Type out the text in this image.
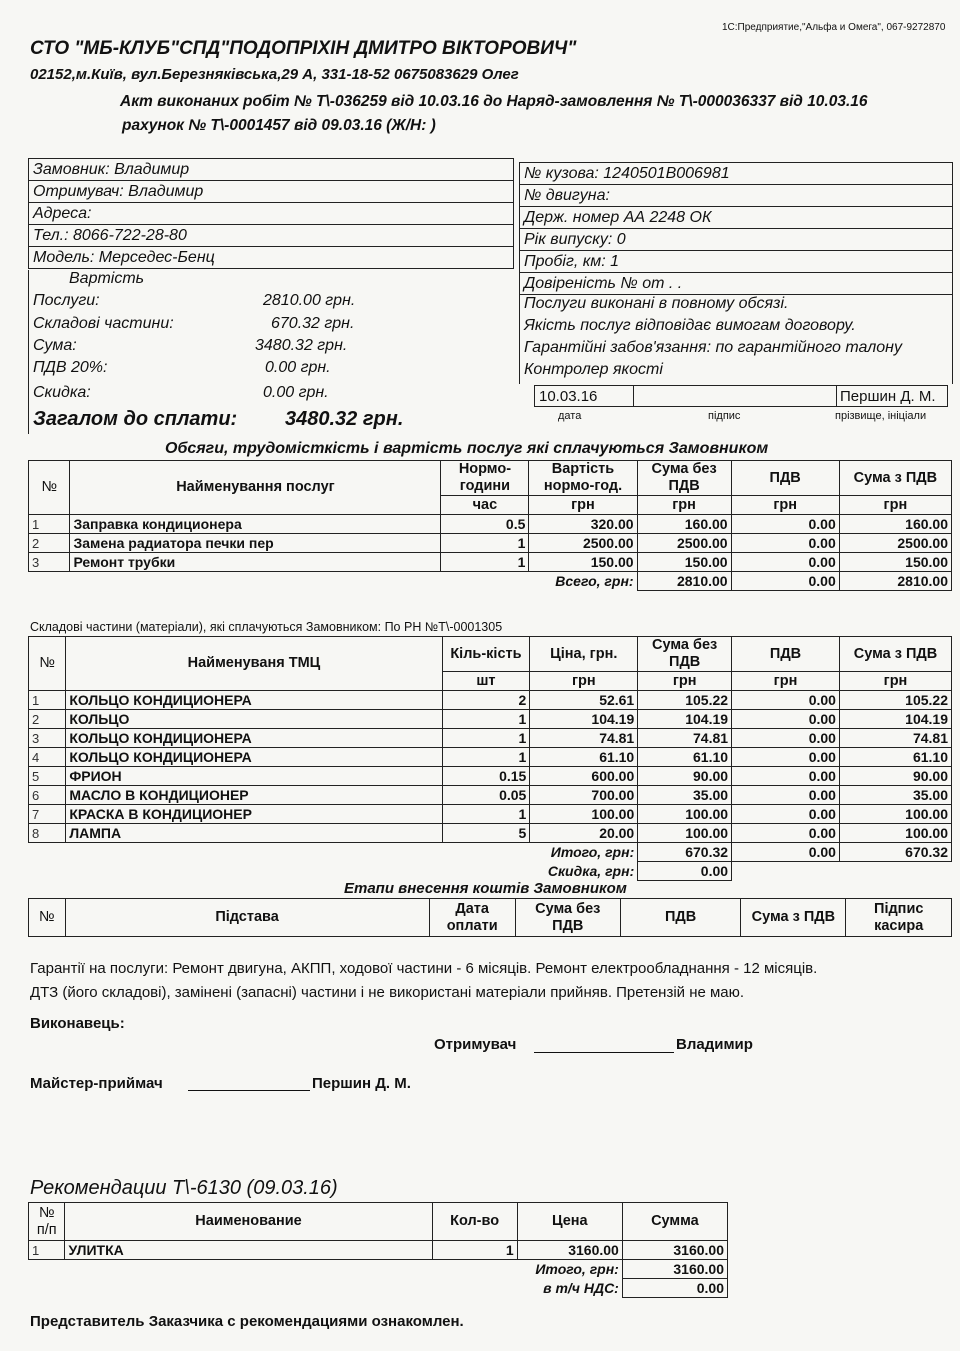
1С:Предприятие,"Альфа и Омега", 067-9272870
СТО "МБ-КЛУБ"СПД"ПОДОПРІХІН ДМИТРО ВІКТОРОВИЧ"
02152,м.Київ, вул.Березняківська,29 А, 331-18-52 0675083629 Олег
Акт виконаних робіт № Т\-036259 від 10.03.16 до Наряд-замовлення № Т\-000036337 від 10.03.16
рахунок № Т\-0001457 від 09.03.16 (Ж/Н: )
Замовник: Владимир
Отримувач: Владимир
Адреса:
Тел.: 8066-722-28-80
Модель: Мерседес-Бенц
№ кузова: 1240501В006981
№ двигуна:
Держ. номер АА 2248 ОК
Рік випуску: 0
Пробіг, км: 1
Довіреність № от . .
Вартість
Послуги:	2810.00 грн.
Складові частини:	670.32 грн.
Сума:	3480.32 грн.
ПДВ 20%:	0.00 грн.
Скидка:	0.00 грн.
Загалом до сплати: 3480.32 грн.
Послуги виконані в повному обсязі.
Якість послуг відповідає вимогам договору.
Гарантійні забов'язання: по гарантійного талону
Контролер якості
10.03.16		Першин Д. М.
дата	підпис	прізвище, ініціали
Обсяги, трудомісткість і вартість послуг які сплачуються Замовником
№	Найменування послуг	Нормо-години	Вартість нормо-год.	Сума без ПДВ	ПДВ	Сума з ПДВ

		час	грн	грн	грн	грн
1	Заправка кондиционера	0.5	320.00	160.00	0.00	160.00
2	Замена радиатора печки пер	1	2500.00	2500.00	0.00	2500.00
3	Ремонт трубки	1	150.00	150.00	0.00	150.00
		Всего, грн:		2810.00	0.00	2810.00
Складові частини (матеріали), які сплачуються Замовником: По РН №Т\-0001305
№	Найменуваня ТМЦ	Кіль-кість	Ціна, грн.	Сума без ПДВ	ПДВ	Сума з ПДВ

		шт	грн	грн	грн	грн
1	КОЛЬЦО КОНДИЦИОНЕРА	2	52.61	105.22	0.00	105.22
2	КОЛЬЦО	1	104.19	104.19	0.00	104.19
3	КОЛЬЦО КОНДИЦИОНЕРА	1	74.81	74.81	0.00	74.81
4	КОЛЬЦО КОНДИЦИОНЕРА	1	61.10	61.10	0.00	61.10
5	ФРИОН	0.15	600.00	90.00	0.00	90.00
6	МАСЛО В КОНДИЦИОНЕР	0.05	700.00	35.00	0.00	35.00
7	КРАСКА В КОНДИЦИОНЕР	1	100.00	100.00	0.00	100.00
8	ЛАМПА	5	20.00	100.00	0.00	100.00
		Итого, грн:		670.32	0.00	670.32
		Скидка, грн:		0.00		
Етапи внесення коштів Замовником
№	Підстава	Дата оплати	Сума без ПДВ	ПДВ	Сума з ПДВ	Підпис касира
Гарантії на послуги: Ремонт двигуна, АКПП, ходової частини - 6 місяців. Ремонт електрообладнання - 12 місяців.
ДТЗ (його складові), замінені (запасні) частини і не використані матеріали прийняв. Претензій не маю.
Виконавець:
Отримувач	Владимир
Майстер-приймач	Першин Д. М.
Рекомендации Т\-6130 (09.03.16)
№ п/п	Наименование	Кол-во	Цена	Сумма
1	УЛИТКА	1	3160.00	3160.00
		Итого, грн:		3160.00
		в т/ч НДС:		0.00
Представитель Заказчика с рекомендациями ознакомлен.
